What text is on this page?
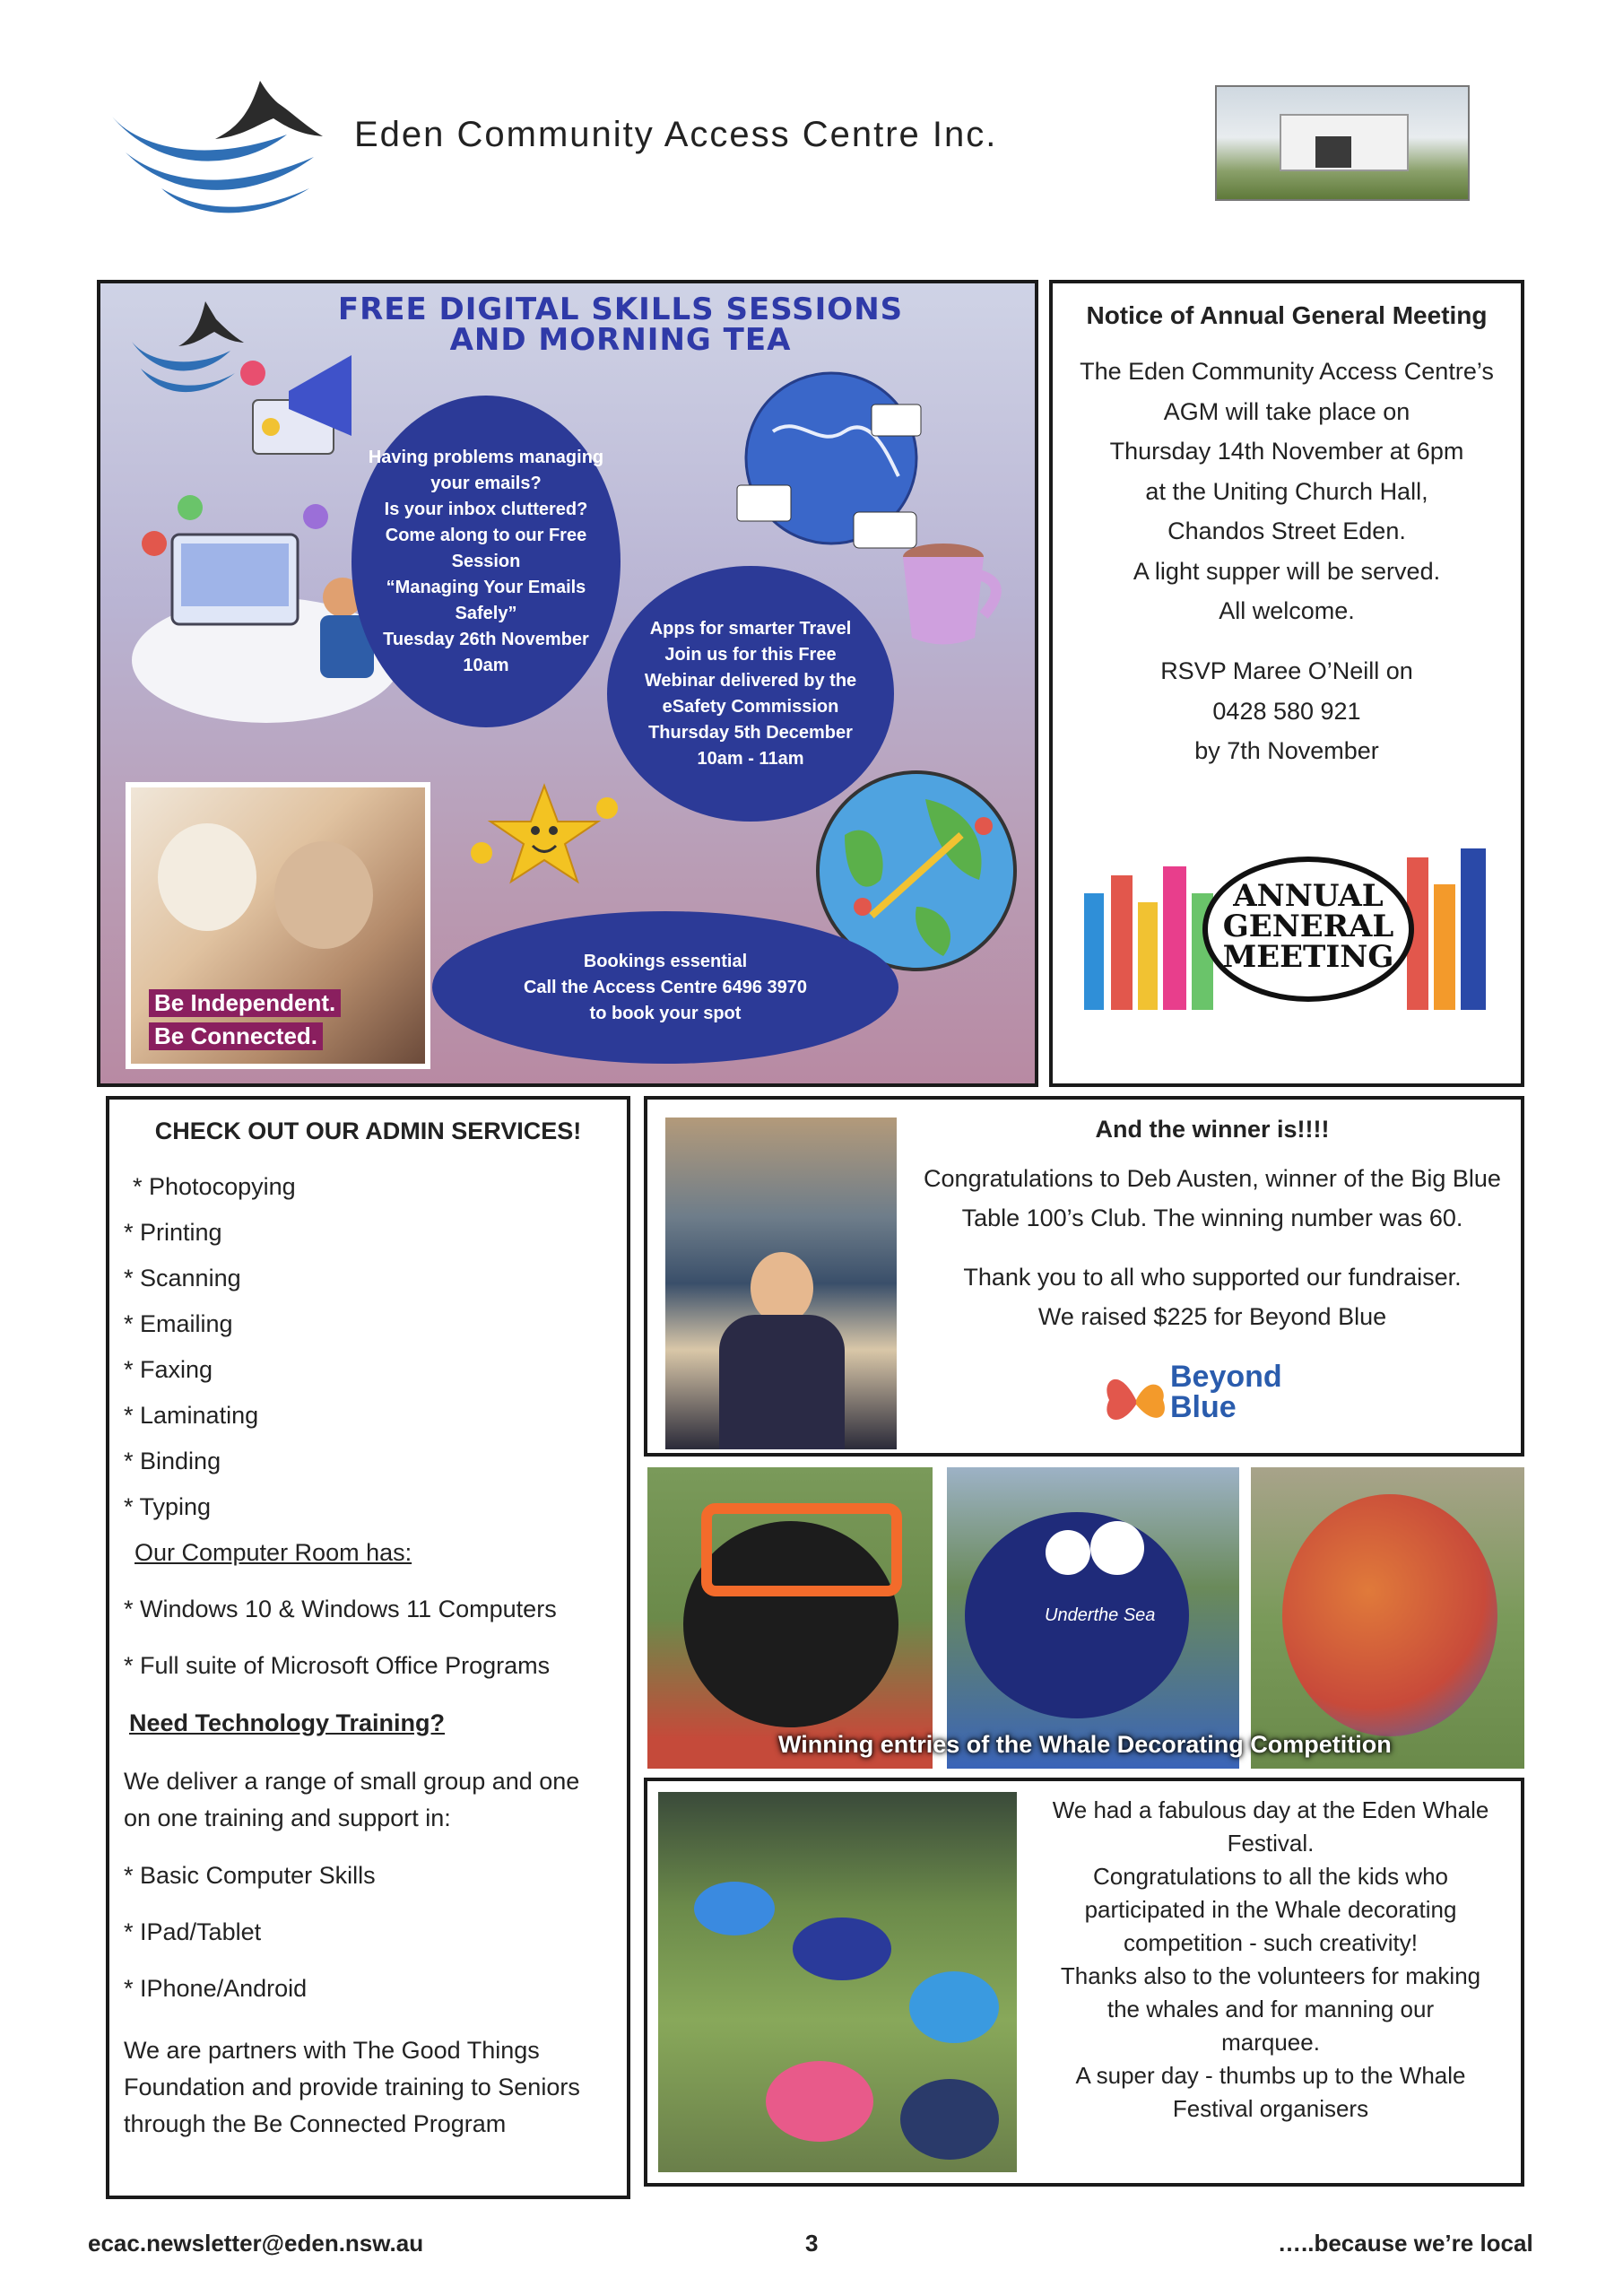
Eden Community Access Centre Inc.
FREE DIGITAL SKILLS SESSIONS
AND MORNING TEA
Having problems managing
your emails?
Is your inbox cluttered?
Come along to our Free
Session
“Managing Your Emails
Safely”
Tuesday 26th November
10am
Apps for smarter Travel
Join us for this Free
Webinar delivered by the
eSafety Commission
Thursday 5th December
10am - 11am
Bookings essential
Call the Access Centre 6496 3970
to book your spot
Be Independent.
Be Connected.
Notice of Annual General Meeting
The Eden Community Access Centre’s
AGM will take place on
Thursday 14th November at 6pm
at the Uniting Church Hall,
Chandos Street Eden.
A light supper will be served.
All welcome.
RSVP Maree O’Neill on
0428 580 921
by 7th November
ANNUAL
GENERAL
MEETING
CHECK OUT OUR ADMIN SERVICES!
* Photocopying
* Printing
* Scanning
* Emailing
* Faxing
* Laminating
* Binding
* Typing
Our Computer Room has:
* Windows 10 & Windows 11 Computers
* Full suite of Microsoft Office Programs
Need Technology Training?
We deliver a range of small group and one on one training and support in:
* Basic Computer Skills
* IPad/Tablet
* IPhone/Android
We are partners with The Good Things Foundation and provide training to Seniors through the Be Connected Program
And the winner is!!!!
Congratulations to Deb Austen, winner of the Big Blue
Table 100’s Club. The winning number was 60.
Thank you to all who supported our fundraiser.
We raised $225 for Beyond Blue
Beyond
Blue
Underthe Sea
Winning entries of the Whale Decorating Competition
We had a fabulous day at the Eden Whale
Festival.
Congratulations to all the kids who
participated in the Whale decorating
competition - such creativity!
Thanks also to the volunteers for making
the whales and for manning our
marquee.
A super day - thumbs up to the Whale
Festival organisers
ecac.newsletter@eden.nsw.au	3	…..because we’re local
